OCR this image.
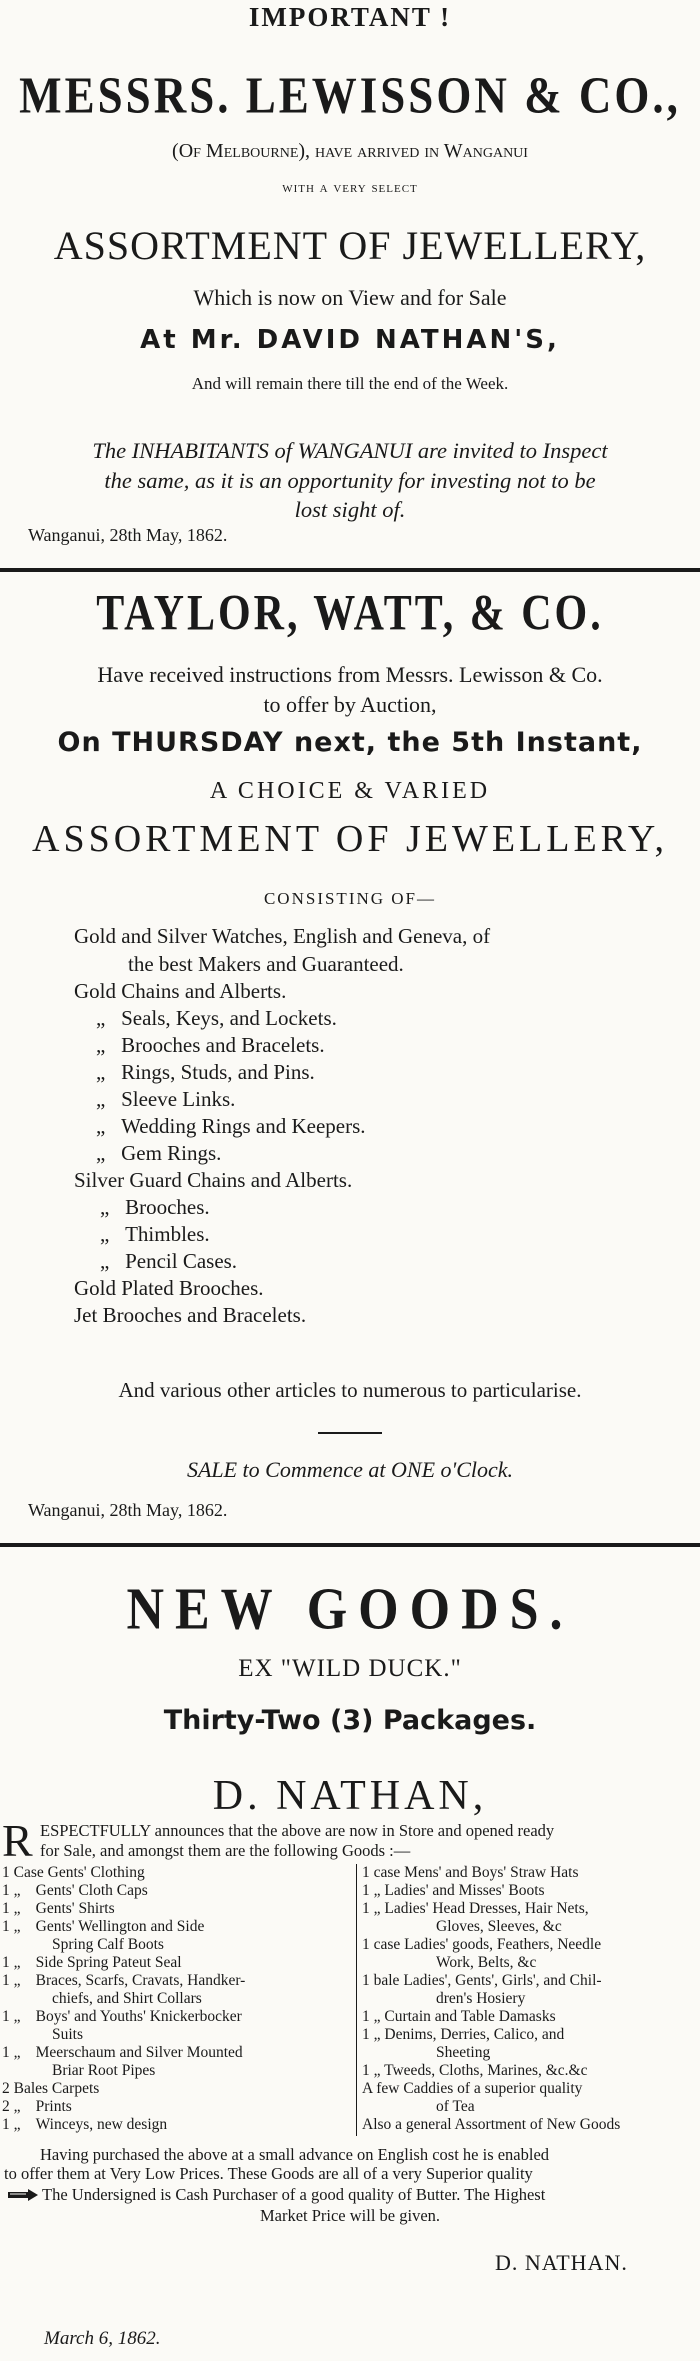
IMPORTANT !
MESSRS. LEWISSON & CO.,
(Of Melbourne), have arrived in Wanganui
with a very select
ASSORTMENT OF JEWELLERY,
Which is now on View and for Sale
At Mr. DAVID NATHAN'S,
And will remain there till the end of the Week.
The INHABITANTS of WANGANUI are invited to Inspect
the same, as it is an opportunity for investing not to be
lost sight of.
Wanganui, 28th May, 1862.
TAYLOR, WATT, & CO.
Have received instructions from Messrs. Lewisson & Co.
to offer by Auction,
On THURSDAY next, the 5th Instant,
A CHOICE & VARIED
ASSORTMENT OF JEWELLERY,
CONSISTING OF—
Gold and Silver Watches, English and Geneva, of
the best Makers and Guaranteed.
Gold Chains and Alberts.
„ Seals, Keys, and Lockets.
„ Brooches and Bracelets.
„ Rings, Studs, and Pins.
„ Sleeve Links.
„ Wedding Rings and Keepers.
„ Gem Rings.
Silver Guard Chains and Alberts.
„ Brooches.
„ Thimbles.
„ Pencil Cases.
Gold Plated Brooches.
Jet Brooches and Bracelets.
And various other articles to numerous to particularise.
SALE to Commence at ONE o'Clock.
Wanganui, 28th May, 1862.
NEW GOODS.
EX "WILD DUCK."
Thirty-Two (3) Packages.
D. NATHAN,
R ESPECTFULLY announces that the above are now in Store and opened ready
for Sale, and amongst them are the following Goods :—
1 Case Gents' Clothing
1 „ Gents' Cloth Caps
1 „ Gents' Shirts
1 „ Gents' Wellington and Side
Spring Calf Boots
1 „ Side Spring Pateut Seal
1 „ Braces, Scarfs, Cravats, Handker-
chiefs, and Shirt Collars
1 „ Boys' and Youths' Knickerbocker
Suits
1 „ Meerschaum and Silver Mounted
Briar Root Pipes
2 Bales Carpets
2 „ Prints
1 „ Winceys, new design
1 case Mens' and Boys' Straw Hats
1 „ Ladies' and Misses' Boots
1 „ Ladies' Head Dresses, Hair Nets,
Gloves, Sleeves, &c
1 case Ladies' goods, Feathers, Needle
Work, Belts, &c
1 bale Ladies', Gents', Girls', and Chil-
dren's Hosiery
1 „ Curtain and Table Damasks
1 „ Denims, Derries, Calico, and
Sheeting
1 „ Tweeds, Cloths, Marines, &c.&c
A few Caddies of a superior quality
of Tea
Also a general Assortment of New Goods
Having purchased the above at a small advance on English cost he is enabled
to offer them at Very Low Prices. These Goods are all of a very Superior quality
The Undersigned is Cash Purchaser of a good quality of Butter. The Highest
Market Price will be given.
D. NATHAN.
March 6, 1862.
